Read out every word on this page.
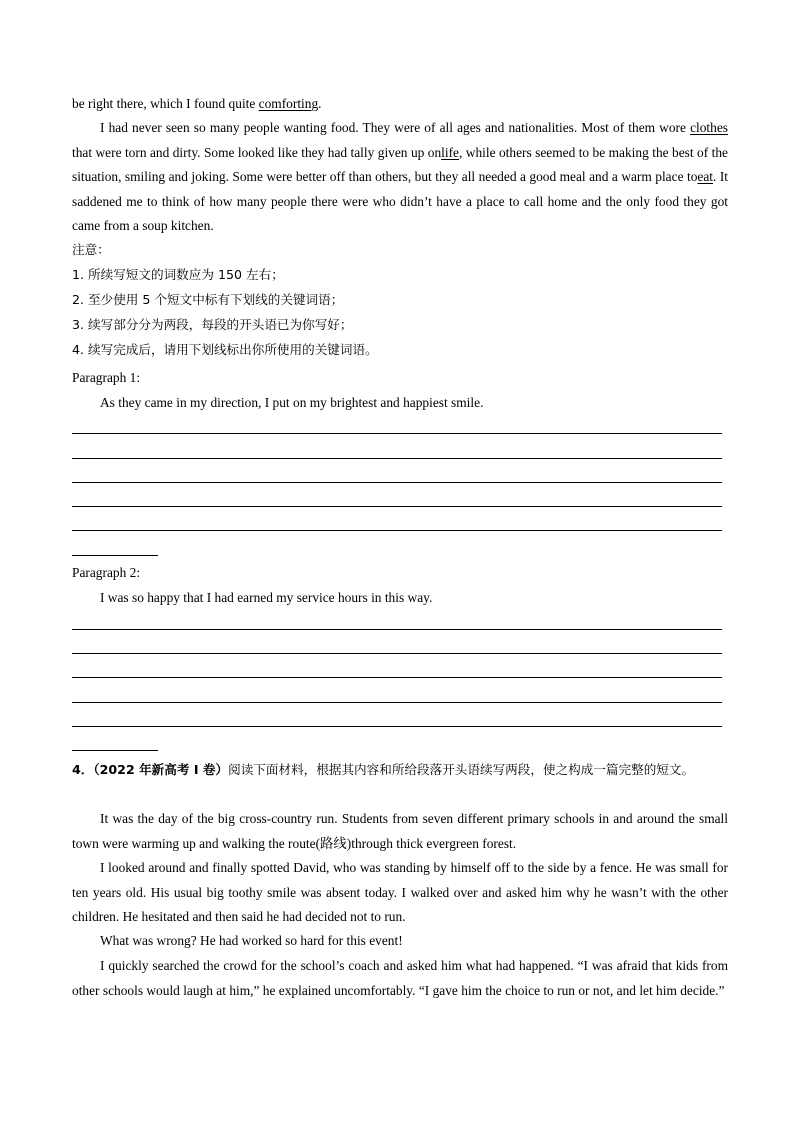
be right there, which I found quite comforting.

I had never seen so many people wanting food. They were of all ages and nationalities. Most of them wore clothes that were torn and dirty. Some looked like they had tally given up onlife, while others seemed to be making the best of the situation, smiling and joking. Some were better off than others, but they all needed a good meal and a warm place toeat. It saddened me to think of how many people there were who didn’t have a place to call home and the only food they got came from a soup kitchen.

注意：

1. 所续写短文的词数应为 150 左右；

2. 至少使用 5 个短文中标有下划线的关键词语；

3. 续写部分分为两段，每段的开头语已为你写好；

4. 续写完成后，请用下划线标出你所使用的关键词语。

Paragraph 1:

As they came in my direction, I put on my brightest and happiest smile.

Paragraph 2:

I was so happy that I had earned my service hours in this way.

4．（2022 年新高考 I 卷）阅读下面材料，根据其内容和所给段落开头语续写两段，使之构成一篇完整的短文。

It was the day of the big cross-country run. Students from seven different primary schools in and around the small town were warming up and walking the route(路线)through thick evergreen forest.

I looked around and finally spotted David, who was standing by himself off to the side by a fence. He was small for ten years old. His usual big toothy smile was absent today. I walked over and asked him why he wasn’t with the other children. He hesitated and then said he had decided not to run.

What was wrong? He had worked so hard for this event!

I quickly searched the crowd for the school’s coach and asked him what had happened. “I was afraid that kids from other schools would laugh at him,” he explained uncomfortably. “I gave him the choice to run or not, and let him decide.”
